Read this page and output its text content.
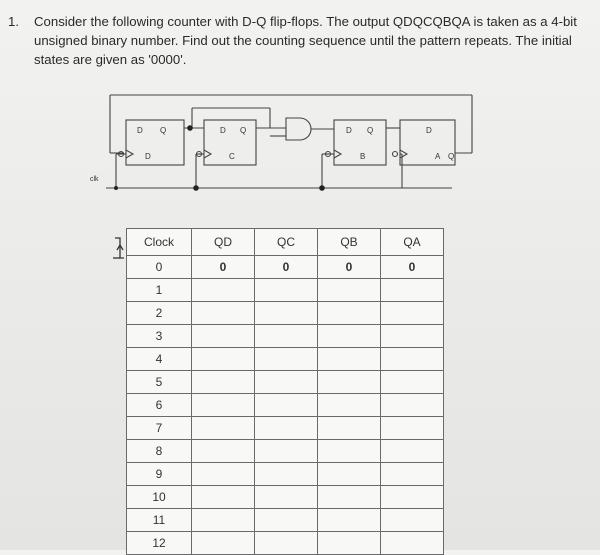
1. Consider the following counter with D-Q flip-flops. The output QDQCQBQA is taken as a 4-bit unsigned binary number. Find out the counting sequence until the pattern repeats. The initial states are given as '0000'.
D Q
D
D Q
C
D Q
B
D
A Q
clk
Clock	QD	QC	QB	QA
0	0	0	0	0
1				
2				
3				
4				
5				
6				
7				
8				
9				
10				
11				
12				
